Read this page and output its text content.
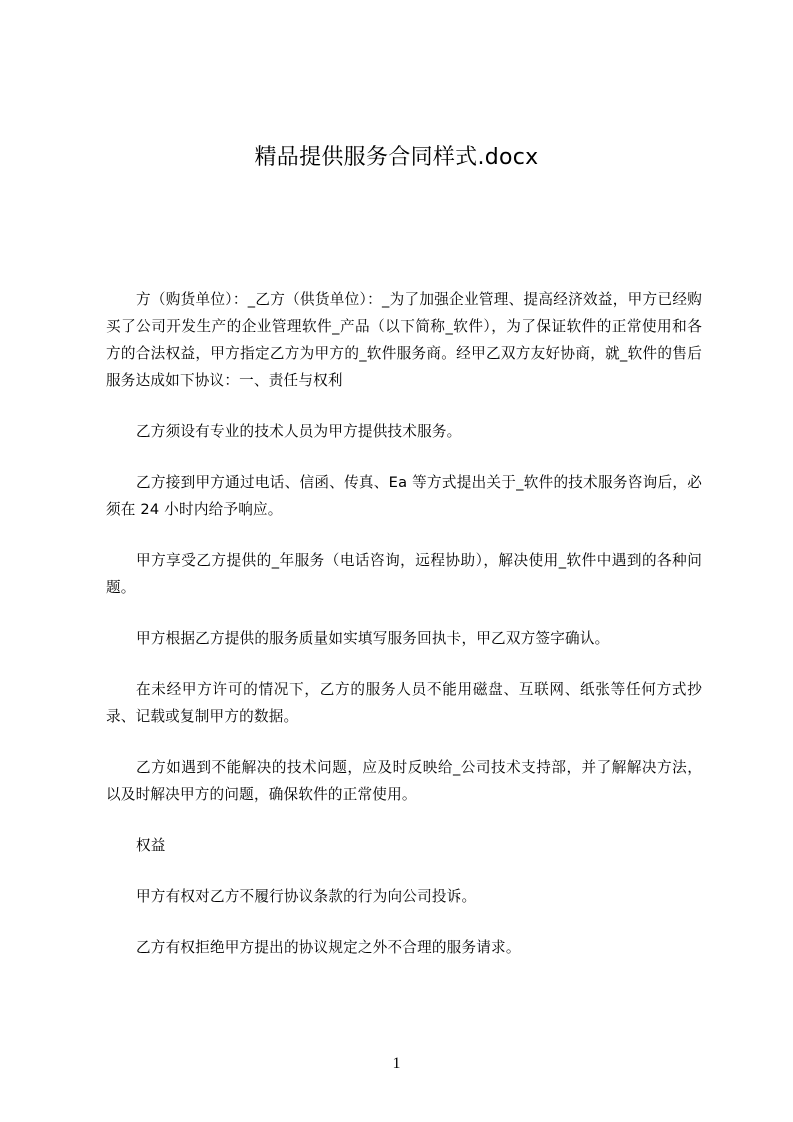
精品提供服务合同样式.docx

方（购货单位）：_乙方（供货单位）：_为了加强企业管理、提高经济效益，甲方已经购买了公司开发生产的企业管理软件_产品（以下简称_软件），为了保证软件的正常使用和各方的合法权益，甲方指定乙方为甲方的_软件服务商。经甲乙双方友好协商，就_软件的售后服务达成如下协议：一、责任与权利

乙方须设有专业的技术人员为甲方提供技术服务。

乙方接到甲方通过电话、信函、传真、Ea 等方式提出关于_软件的技术服务咨询后，必须在 24 小时内给予响应。

甲方享受乙方提供的_年服务（电话咨询，远程协助），解决使用_软件中遇到的各种问题。

甲方根据乙方提供的服务质量如实填写服务回执卡，甲乙双方签字确认。

在未经甲方许可的情况下，乙方的服务人员不能用磁盘、互联网、纸张等任何方式抄录、记载或复制甲方的数据。

乙方如遇到不能解决的技术问题，应及时反映给_公司技术支持部，并了解解决方法，以及时解决甲方的问题，确保软件的正常使用。

权益

甲方有权对乙方不履行协议条款的行为向公司投诉。

乙方有权拒绝甲方提出的协议规定之外不合理的服务请求。

1
